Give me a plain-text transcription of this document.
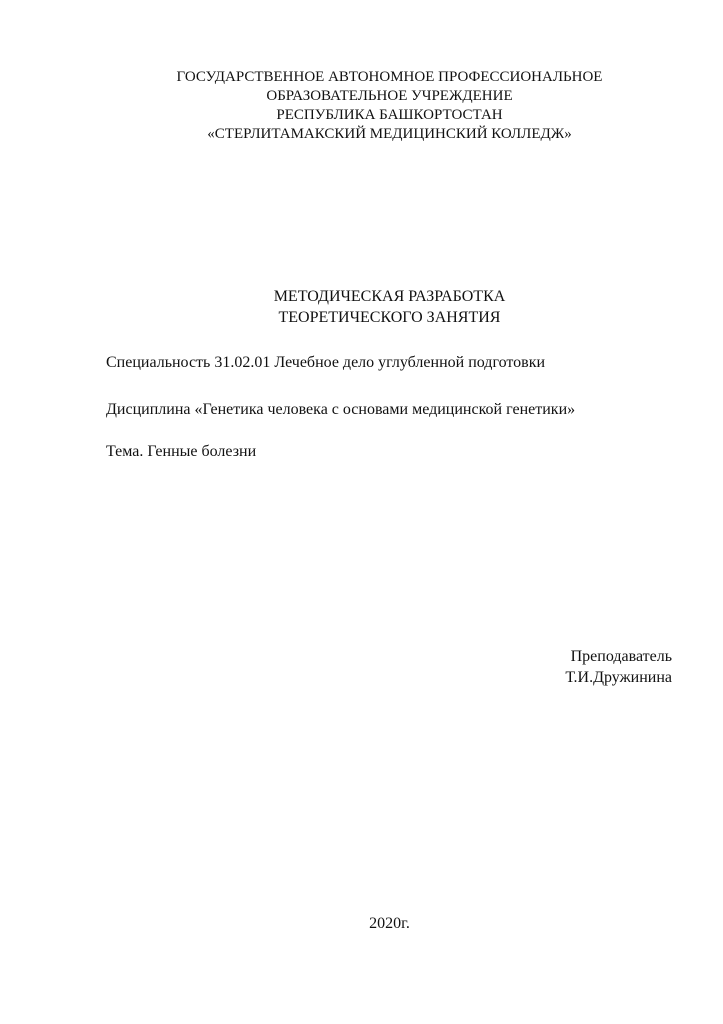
ГОСУДАРСТВЕННОЕ АВТОНОМНОЕ ПРОФЕССИОНАЛЬНОЕ
ОБРАЗОВАТЕЛЬНОЕ УЧРЕЖДЕНИЕ
РЕСПУБЛИКА БАШКОРТОСТАН
«СТЕРЛИТАМАКСКИЙ МЕДИЦИНСКИЙ КОЛЛЕДЖ»
МЕТОДИЧЕСКАЯ РАЗРАБОТКА
ТЕОРЕТИЧЕСКОГО ЗАНЯТИЯ
Специальность 31.02.01 Лечебное дело углубленной подготовки
Дисциплина «Генетика человека с основами медицинской генетики»
Тема. Генные болезни
Преподаватель
Т.И.Дружинина
2020г.
